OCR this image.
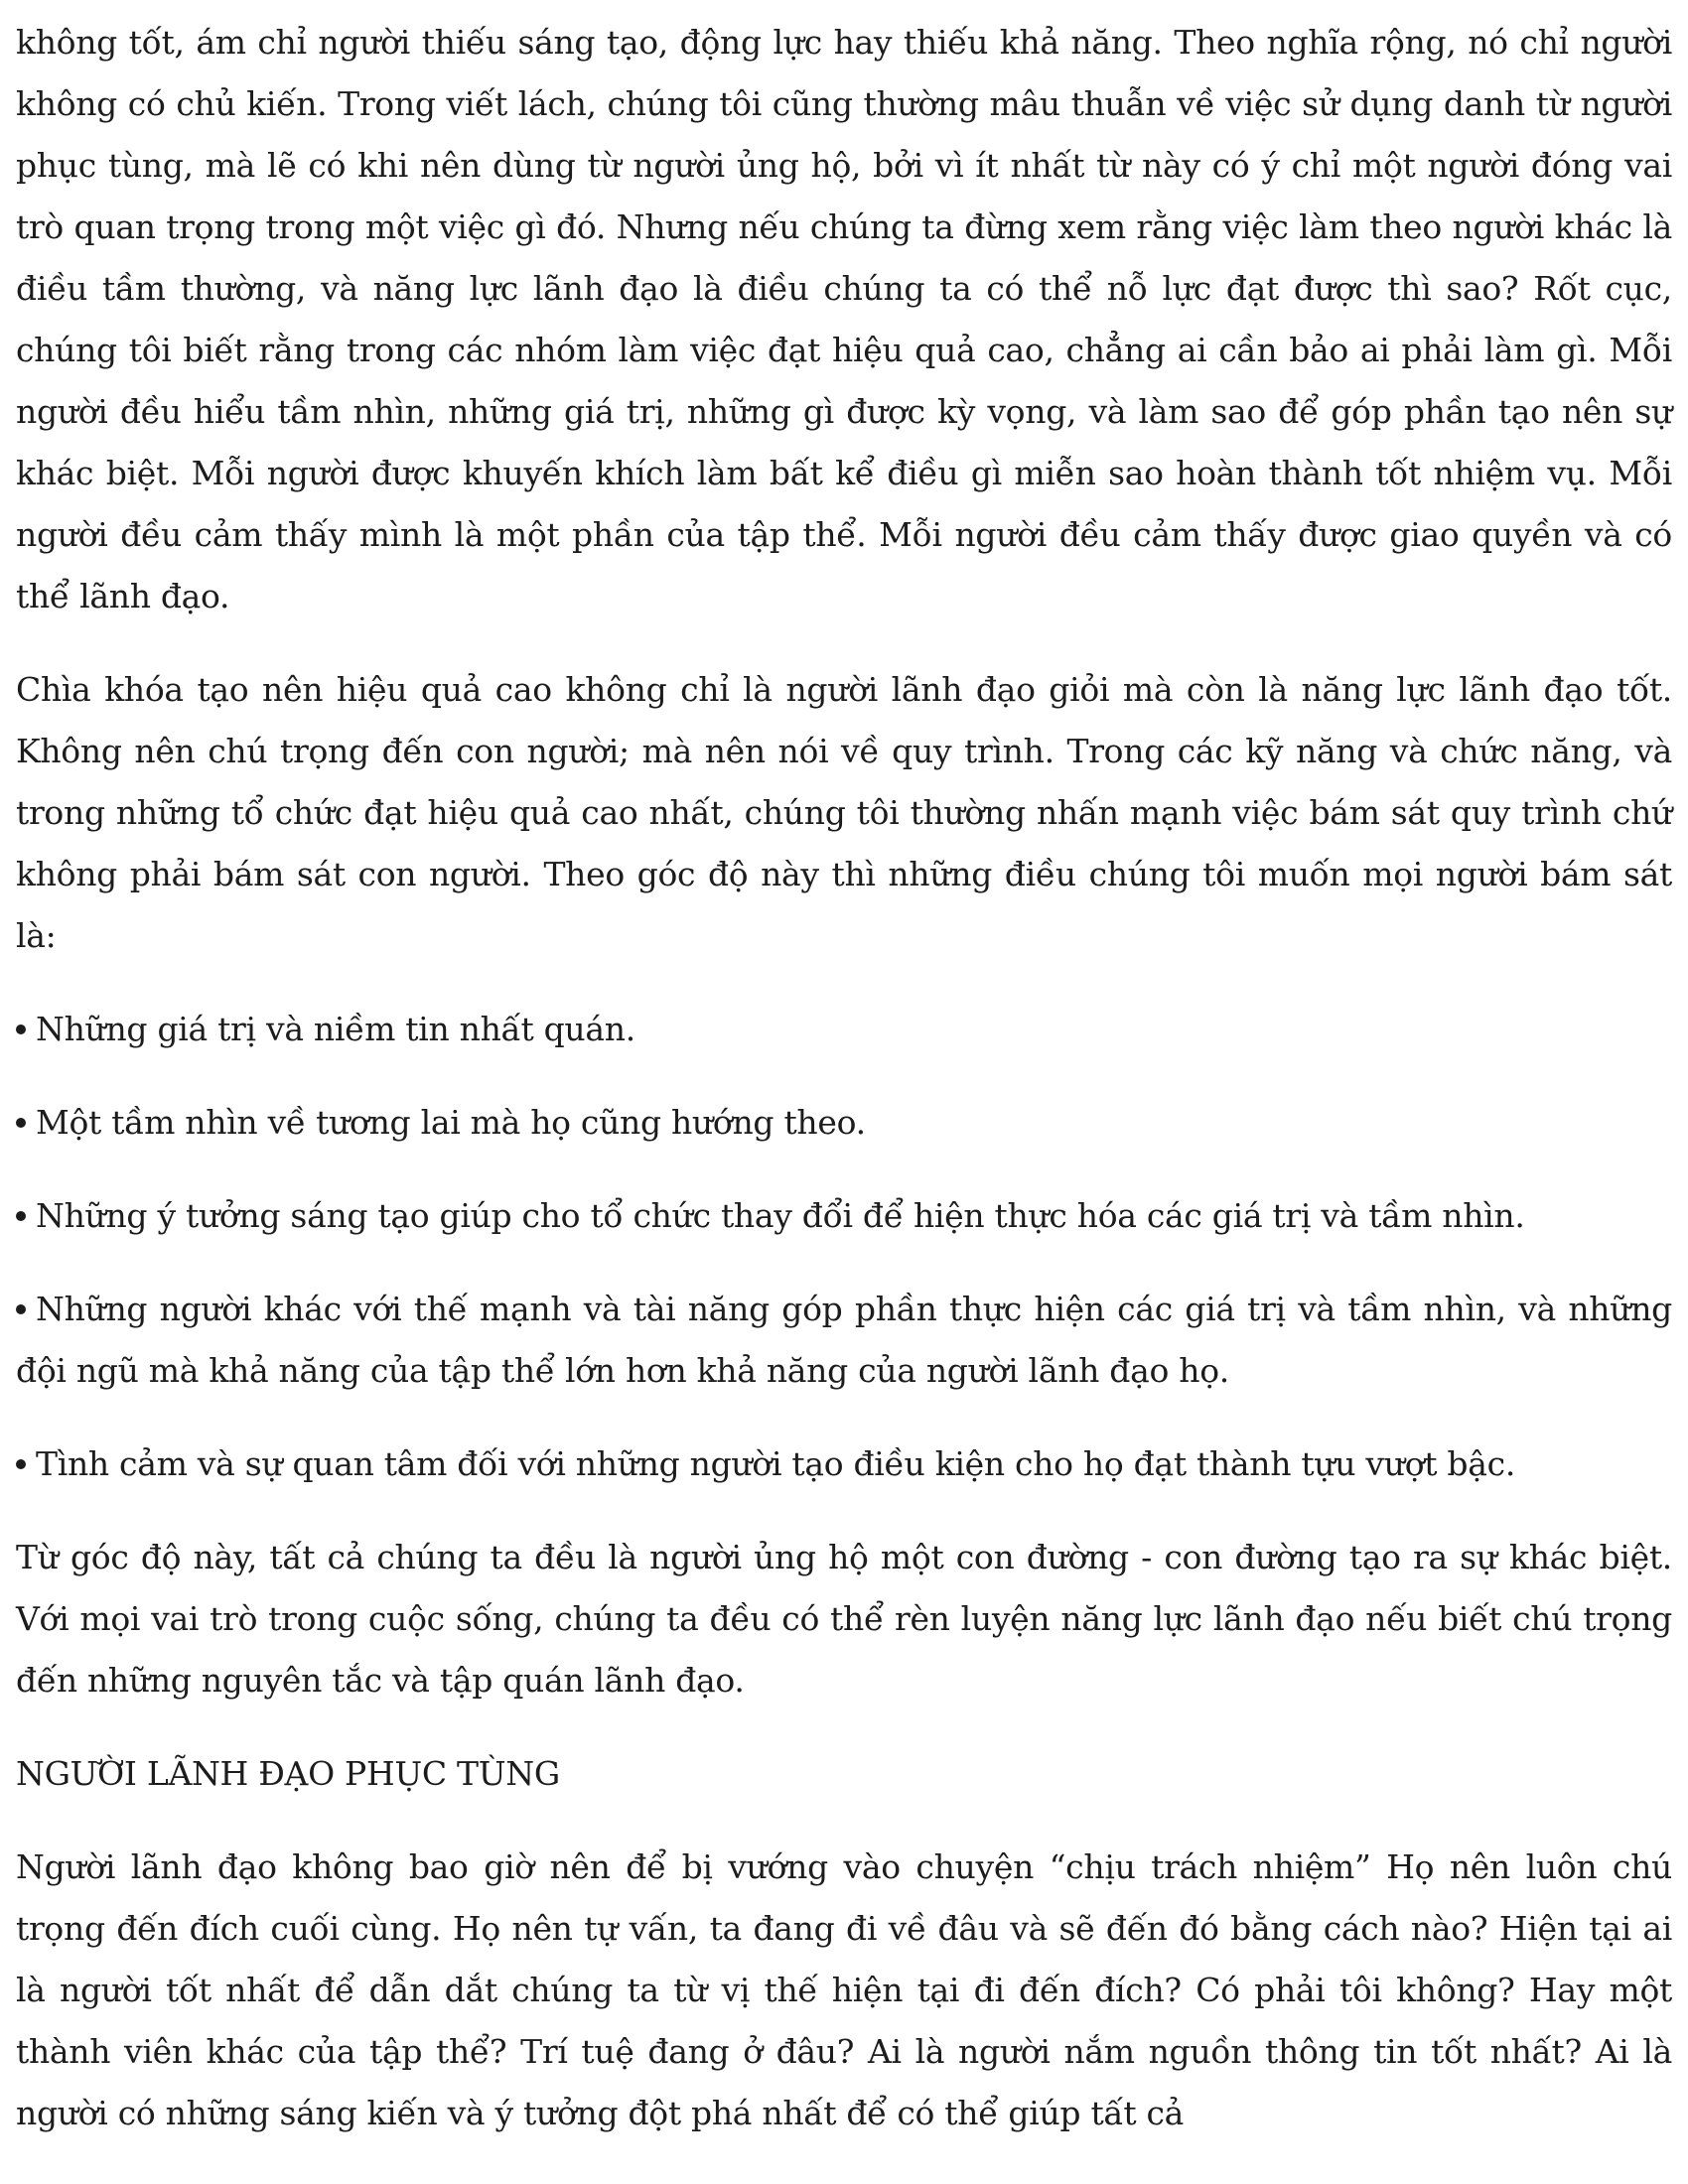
không tốt, ám chỉ người thiếu sáng tạo, động lực hay thiếu khả năng. Theo nghĩa rộng, nó chỉ người không có chủ kiến. Trong viết lách, chúng tôi cũng thường mâu thuẫn về việc sử dụng danh từ người phục tùng, mà lẽ có khi nên dùng từ người ủng hộ, bởi vì ít nhất từ này có ý chỉ một người đóng vai trò quan trọng trong một việc gì đó. Nhưng nếu chúng ta đừng xem rằng việc làm theo người khác là điều tầm thường, và năng lực lãnh đạo là điều chúng ta có thể nỗ lực đạt được thì sao? Rốt cục, chúng tôi biết rằng trong các nhóm làm việc đạt hiệu quả cao, chẳng ai cần bảo ai phải làm gì. Mỗi người đều hiểu tầm nhìn, những giá trị, những gì được kỳ vọng, và làm sao để góp phần tạo nên sự khác biệt. Mỗi người được khuyến khích làm bất kể điều gì miễn sao hoàn thành tốt nhiệm vụ. Mỗi người đều cảm thấy mình là một phần của tập thể. Mỗi người đều cảm thấy được giao quyền và có thể lãnh đạo.

Chìa khóa tạo nên hiệu quả cao không chỉ là người lãnh đạo giỏi mà còn là năng lực lãnh đạo tốt. Không nên chú trọng đến con người; mà nên nói về quy trình. Trong các kỹ năng và chức năng, và trong những tổ chức đạt hiệu quả cao nhất, chúng tôi thường nhấn mạnh việc bám sát quy trình chứ không phải bám sát con người. Theo góc độ này thì những điều chúng tôi muốn mọi người bám sát là:

Những giá trị và niềm tin nhất quán.

Một tầm nhìn về tương lai mà họ cũng hướng theo.

Những ý tưởng sáng tạo giúp cho tổ chức thay đổi để hiện thực hóa các giá trị và tầm nhìn.

Những người khác với thế mạnh và tài năng góp phần thực hiện các giá trị và tầm nhìn, và những đội ngũ mà khả năng của tập thể lớn hơn khả năng của người lãnh đạo họ.

Tình cảm và sự quan tâm đối với những người tạo điều kiện cho họ đạt thành tựu vượt bậc.

Từ góc độ này, tất cả chúng ta đều là người ủng hộ một con đường - con đường tạo ra sự khác biệt. Với mọi vai trò trong cuộc sống, chúng ta đều có thể rèn luyện năng lực lãnh đạo nếu biết chú trọng đến những nguyên tắc và tập quán lãnh đạo.

NGƯỜI LÃNH ĐẠO PHỤC TÙNG

Người lãnh đạo không bao giờ nên để bị vướng vào chuyện “chịu trách nhiệm” Họ nên luôn chú trọng đến đích cuối cùng. Họ nên tự vấn, ta đang đi về đâu và sẽ đến đó bằng cách nào? Hiện tại ai là người tốt nhất để dẫn dắt chúng ta từ vị thế hiện tại đi đến đích? Có phải tôi không? Hay một thành viên khác của tập thể? Trí tuệ đang ở đâu? Ai là người nắm nguồn thông tin tốt nhất? Ai là người có những sáng kiến và ý tưởng đột phá nhất để có thể giúp tất cả
